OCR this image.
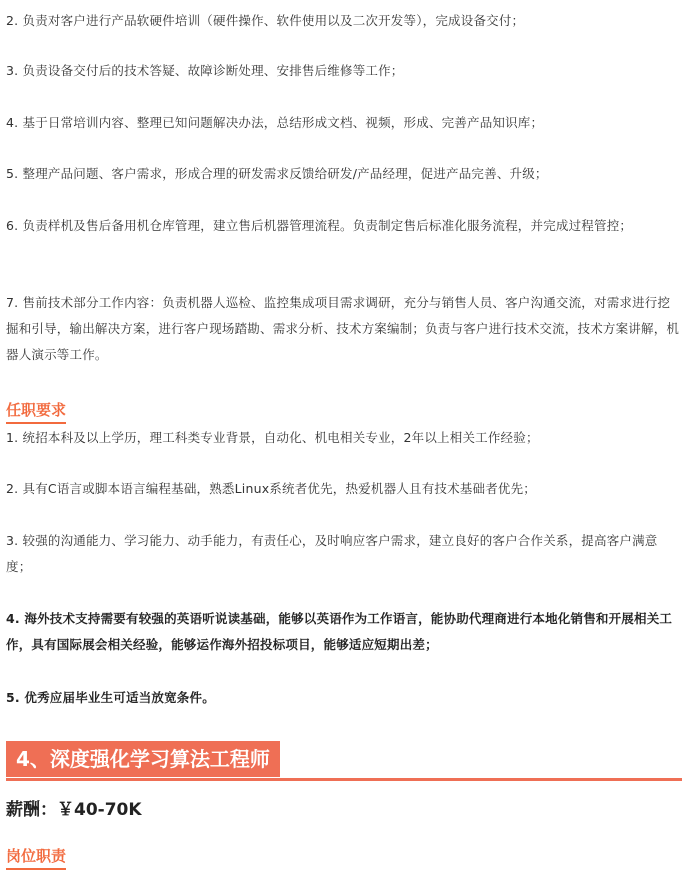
2. 负责对客户进行产品软硬件培训（硬件操作、软件使用以及二次开发等），完成设备交付；
3. 负责设备交付后的技术答疑、故障诊断处理、安排售后维修等工作；
4. 基于日常培训内容、整理已知问题解决办法，总结形成文档、视频，形成、完善产品知识库；
5. 整理产品问题、客户需求，形成合理的研发需求反馈给研发/产品经理，促进产品完善、升级；
6. 负责样机及售后备用机仓库管理，建立售后机器管理流程。负责制定售后标准化服务流程，并完成过程管控；
7. 售前技术部分工作内容：负责机器人巡检、监控集成项目需求调研，充分与销售人员、客户沟通交流，对需求进行挖掘和引导，输出解决方案，进行客户现场踏勘、需求分析、技术方案编制；负责与客户进行技术交流，技术方案讲解，机器人演示等工作。
任职要求
1. 统招本科及以上学历，理工科类专业背景，自动化、机电相关专业，2年以上相关工作经验；
2. 具有C语言或脚本语言编程基础，熟悉Linux系统者优先，热爱机器人且有技术基础者优先；
3. 较强的沟通能力、学习能力、动手能力，有责任心，及时响应客户需求，建立良好的客户合作关系，提高客户满意度；
4. 海外技术支持需要有较强的英语听说读基础，能够以英语作为工作语言，能协助代理商进行本地化销售和开展相关工作，具有国际展会相关经验，能够运作海外招投标项目，能够适应短期出差；
5. 优秀应届毕业生可适当放宽条件。
4、深度强化学习算法工程师
薪酬：￥40-70K
岗位职责
